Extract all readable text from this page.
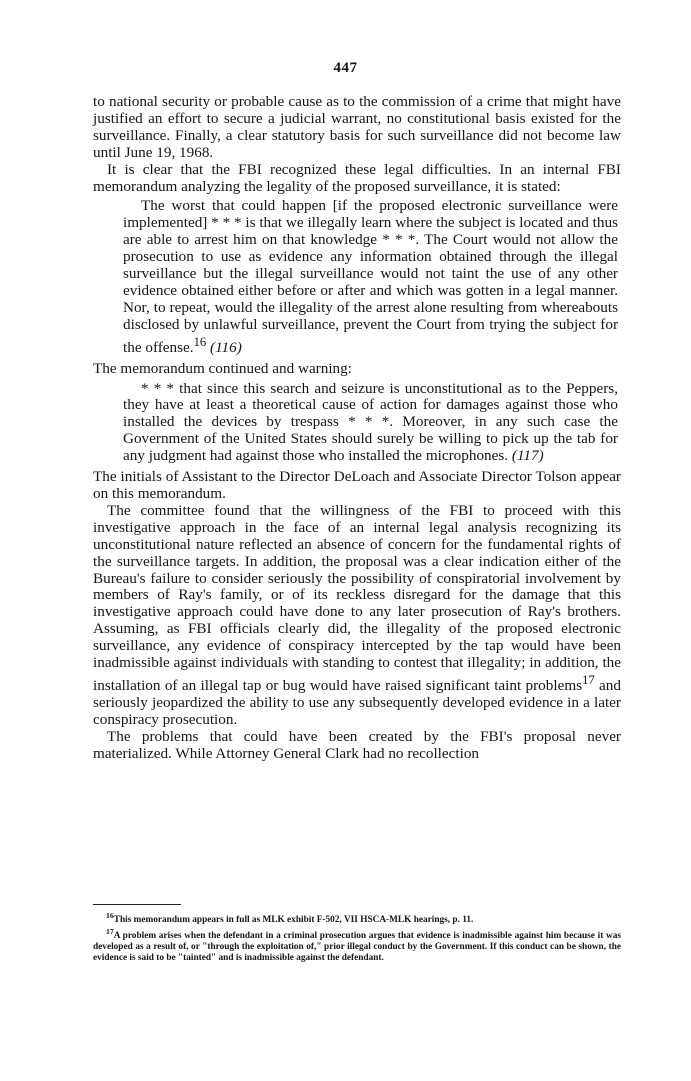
447

to national security or probable cause as to the commission of a crime that might have justified an effort to secure a judicial warrant, no constitutional basis existed for the surveillance. Finally, a clear statutory basis for such surveillance did not become law until June 19, 1968.

It is clear that the FBI recognized these legal difficulties. In an internal FBI memorandum analyzing the legality of the proposed surveillance, it is stated:

The worst that could happen [if the proposed electronic surveillance were implemented] * * * is that we illegally learn where the subject is located and thus are able to arrest him on that knowledge * * *. The Court would not allow the prosecution to use as evidence any information obtained through the illegal surveillance but the illegal surveillance would not taint the use of any other evidence obtained either before or after and which was gotten in a legal manner. Nor, to repeat, would the illegality of the arrest alone resulting from whereabouts disclosed by unlawful surveillance, prevent the Court from trying the subject for the offense.$^{16}$ (116)

The memorandum continued and warning:

* * * that since this search and seizure is unconstitutional as to the Peppers, they have at least a theoretical cause of action for damages against those who installed the devices by trespass * * *. Moreover, in any such case the Government of the United States should surely be willing to pick up the tab for any judgment had against those who installed the microphones. (117)

The initials of Assistant to the Director DeLoach and Associate Director Tolson appear on this memorandum.

The committee found that the willingness of the FBI to proceed with this investigative approach in the face of an internal legal analysis recognizing its unconstitutional nature reflected an absence of concern for the fundamental rights of the surveillance targets. In addition, the proposal was a clear indication either of the Bureau's failure to consider seriously the possibility of conspiratorial involvement by members of Ray's family, or of its reckless disregard for the damage that this investigative approach could have done to any later prosecution of Ray's brothers. Assuming, as FBI officials clearly did, the illegality of the proposed electronic surveillance, any evidence of conspiracy intercepted by the tap would have been inadmissible against individuals with standing to contest that illegality; in addition, the installation of an illegal tap or bug would have raised significant taint problems$^{17}$ and seriously jeopardized the ability to use any subsequently developed evidence in a later conspiracy prosecution.

The problems that could have been created by the FBI's proposal never materialized. While Attorney General Clark had no recollection

$^{16}$This memorandum appears in full as MLK exhibit F-502, VII HSCA-MLK hearings, p. 11.

$^{17}$A problem arises when the defendant in a criminal prosecution argues that evidence is inadmissible against him because it was developed as a result of, or "through the exploitation of," prior illegal conduct by the Government. If this conduct can be shown, the evidence is said to be "tainted" and is inadmissible against the defendant.
